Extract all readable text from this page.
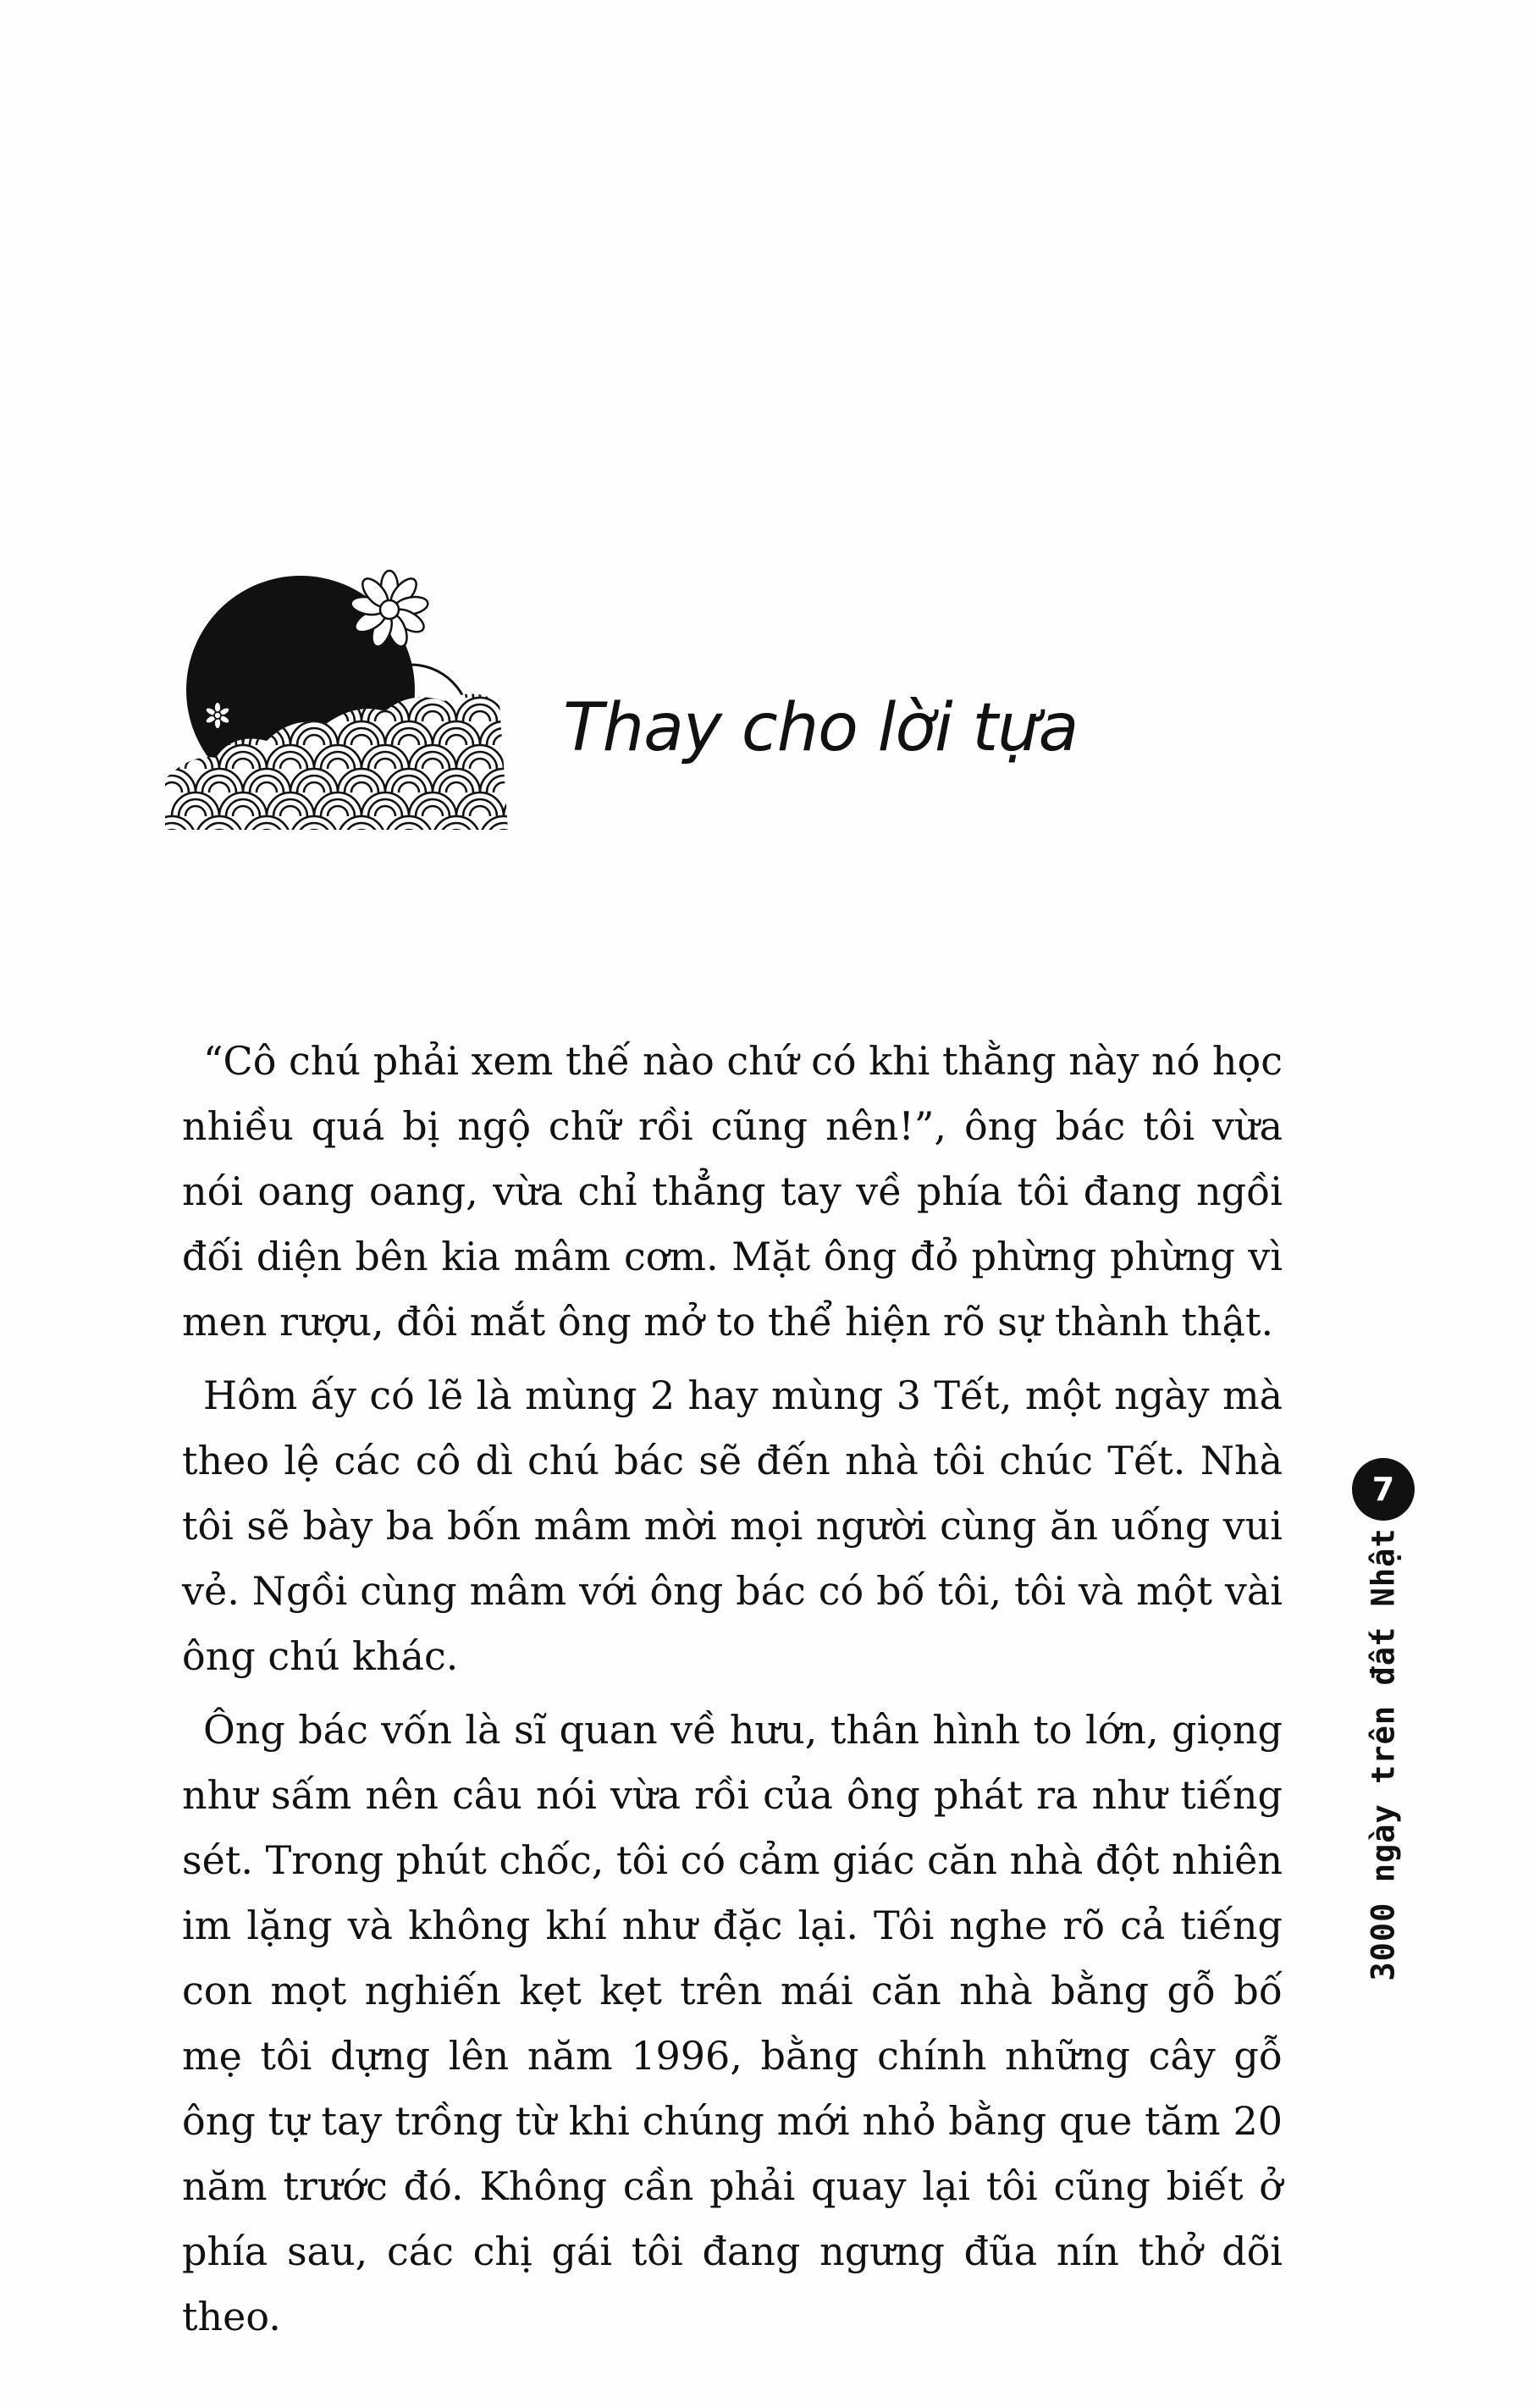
Thay cho lời tựa

“Cô chú phải xem thế nào chứ có khi thằng này nó học nhiều quá bị ngộ chữ rồi cũng nên!”, ông bác tôi vừa nói oang oang, vừa chỉ thẳng tay về phía tôi đang ngồi đối diện bên kia mâm cơm. Mặt ông đỏ phừng phừng vì men rượu, đôi mắt ông mở to thể hiện rõ sự thành thật.

Hôm ấy có lẽ là mùng 2 hay mùng 3 Tết, một ngày mà theo lệ các cô dì chú bác sẽ đến nhà tôi chúc Tết. Nhà tôi sẽ bày ba bốn mâm mời mọi người cùng ăn uống vui vẻ. Ngồi cùng mâm với ông bác có bố tôi, tôi và một vài ông chú khác.

Ông bác vốn là sĩ quan về hưu, thân hình to lớn, giọng như sấm nên câu nói vừa rồi của ông phát ra như tiếng sét. Trong phút chốc, tôi có cảm giác căn nhà đột nhiên im lặng và không khí như đặc lại. Tôi nghe rõ cả tiếng con mọt nghiến kẹt kẹt trên mái căn nhà bằng gỗ bố mẹ tôi dựng lên năm 1996, bằng chính những cây gỗ ông tự tay trồng từ khi chúng mới nhỏ bằng que tăm 20 năm trước đó. Không cần phải quay lại tôi cũng biết ở phía sau, các chị gái tôi đang ngưng đũa nín thở dõi theo.

7
3000 ngày trên đất Nhật
